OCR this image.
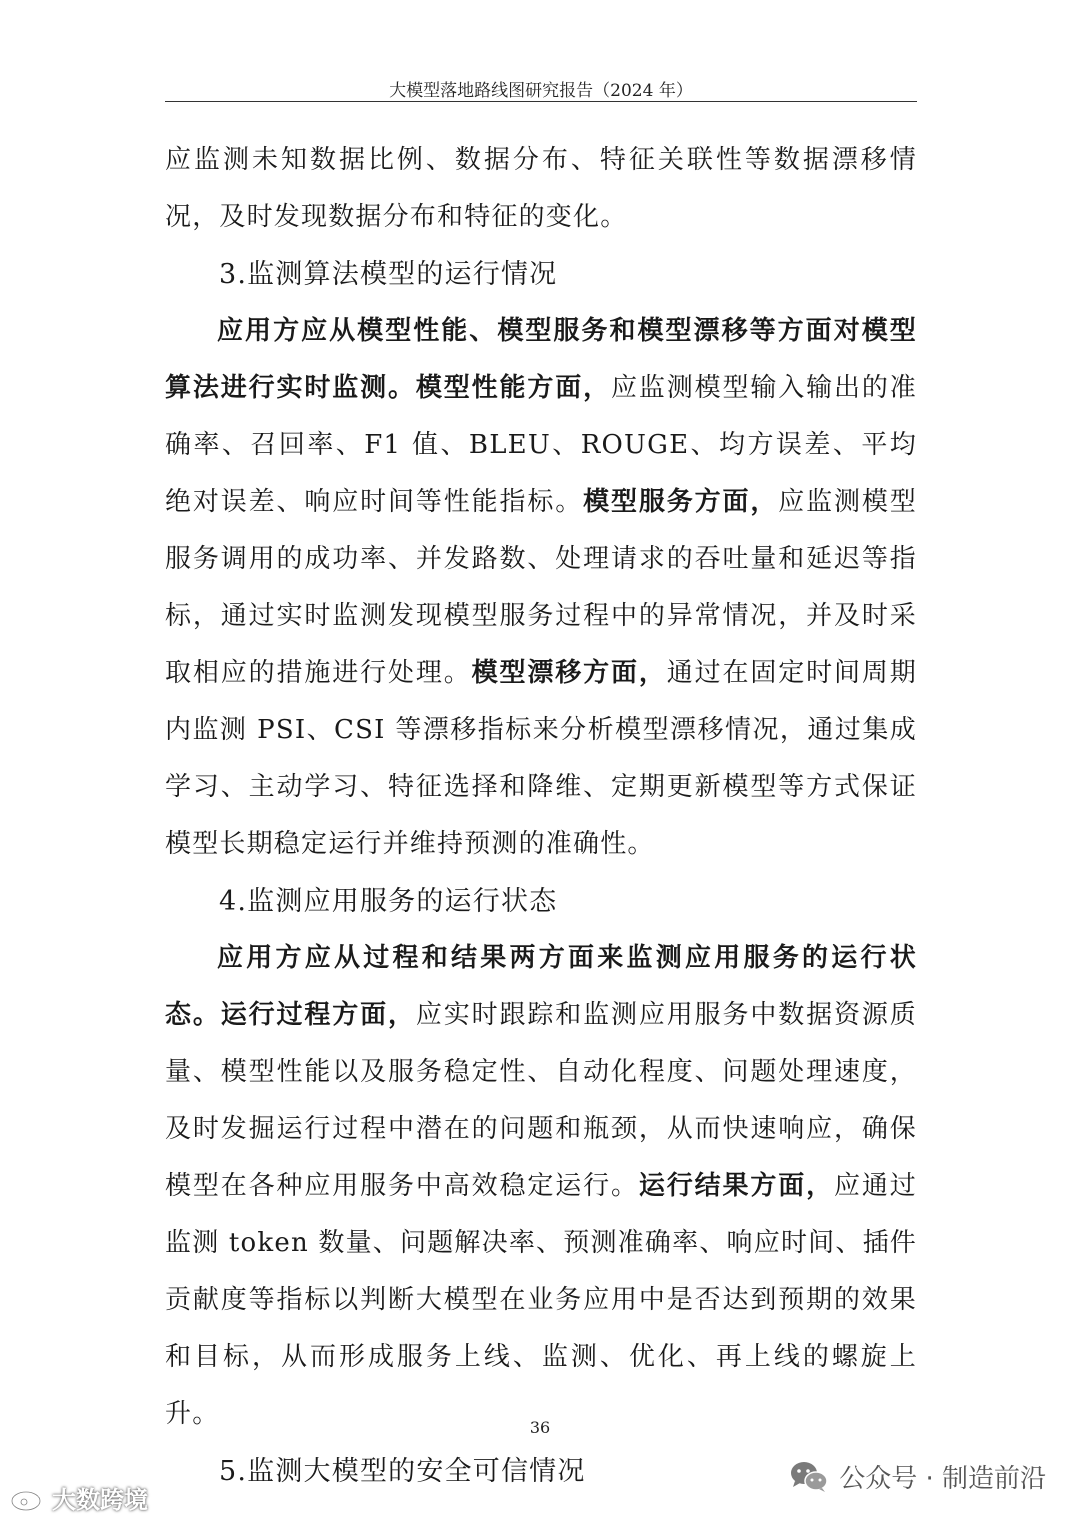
大模型落地路线图研究报告（2024 年）

应监测未知数据比例、数据分布、特征关联性等数据漂移情况，及时发现数据分布和特征的变化。

3.监测算法模型的运行情况

应用方应从模型性能、模型服务和模型漂移等方面对模型算法进行实时监测。模型性能方面，应监测模型输入输出的准确率、召回率、F1 值、BLEU、ROUGE、均方误差、平均绝对误差、响应时间等性能指标。模型服务方面，应监测模型服务调用的成功率、并发路数、处理请求的吞吐量和延迟等指标，通过实时监测发现模型服务过程中的异常情况，并及时采取相应的措施进行处理。模型漂移方面，通过在固定时间周期内监测 PSI、CSI 等漂移指标来分析模型漂移情况，通过集成学习、主动学习、特征选择和降维、定期更新模型等方式保证模型长期稳定运行并维持预测的准确性。

4.监测应用服务的运行状态

应用方应从过程和结果两方面来监测应用服务的运行状态。运行过程方面，应实时跟踪和监测应用服务中数据资源质量、模型性能以及服务稳定性、自动化程度、问题处理速度，及时发掘运行过程中潜在的问题和瓶颈，从而快速响应，确保模型在各种应用服务中高效稳定运行。运行结果方面，应通过监测 token 数量、问题解决率、预测准确率、响应时间、插件贡献度等指标以判断大模型在业务应用中是否达到预期的效果和目标，从而形成服务上线、监测、优化、再上线的螺旋上升。

5.监测大模型的安全可信情况
36
大数跨境
公众号 · 制造前沿
